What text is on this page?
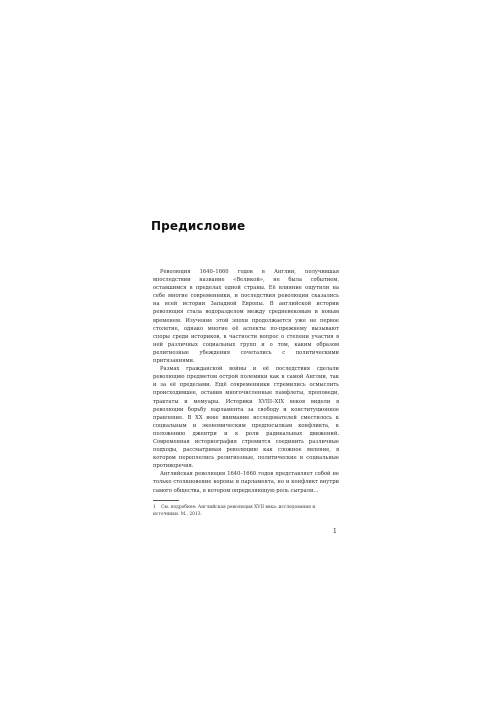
Предисловие

Революция 1640–1660 годов в Англии, получившая впоследствии название «Великой», не была событием, оставшимся в пределах одной страны. Её влияние ощутили на себе многие современники, и последствия революции сказались на всей истории Западной Европы. В английской истории революция стала водоразделом между средневековым и новым временем. Изучение этой эпохи продолжается уже не первое столетие, однако многие её аспекты по-прежнему вызывают споры среди историков, в частности вопрос о степени участия в ней различных социальных групп и о том, каким образом религиозные убеждения сочетались с политическими притязаниями.

Размах гражданской войны и её последствия сделали революцию предметом острой полемики как в самой Англии, так и за её пределами. Ещё современники стремились осмыслить происходившее, оставив многочисленные памфлеты, проповеди, трактаты и мемуары. Историки XVIII–XIX веков видели в революции борьбу парламента за свободу и конституционное правление. В XX веке внимание исследователей сместилось к социальным и экономическим предпосылкам конфликта, к положению джентри и к роли радикальных движений. Современная историография стремится соединить различные подходы, рассматривая революцию как сложное явление, в котором переплелись религиозные, политические и социальные противоречия.

Английская революция 1640–1660 годов представляет собой не только столкновение короны и парламента, но и конфликт внутри самого общества, в котором определяющую роль сыграли...

1 См. подробнее: Английская революция XVII века: исследования и источники. М., 2013.
1
